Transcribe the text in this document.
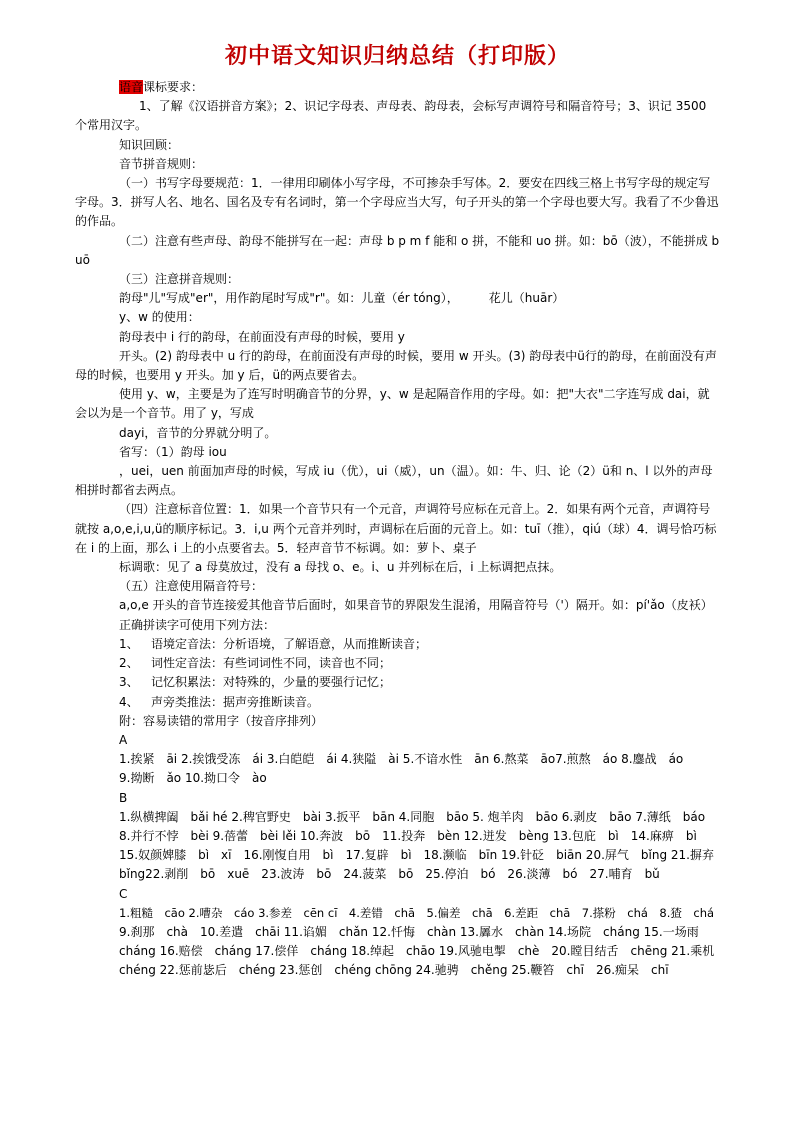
初中语文知识归纳总结（打印版）

语音课标要求：

1、了解《汉语拼音方案》；2、识记字母表、声母表、韵母表，会标写声调符号和隔音符号；3、识记 3500 个常用汉字。

知识回顾：

音节拼音规则：

（一）书写字母要规范：1．一律用印刷体小写字母，不可掺杂手写体。2．要安在四线三格上书写字母的规定写字母。3．拼写人名、地名、国名及专有名词时，第一个字母应当大写，句子开头的第一个字母也要大写。我看了不少鲁迅的作品。

（二）注意有些声母、韵母不能拼写在一起：声母 b p m f 能和 o 拼，不能和 uo 拼。如：bō（波），不能拼成 buō

（三）注意拼音规则：

韵母"儿"写成"er"，用作韵尾时写成"r"。如：儿童（ér tóng），　　　花儿（huār）

y、w 的使用：

韵母表中 i 行的韵母，在前面没有声母的时候，要用 y

开头。(2) 韵母表中 u 行的韵母，在前面没有声母的时候，要用 w 开头。(3) 韵母表中ü行的韵母，在前面没有声母的时候，也要用 y 开头。加 y 后，ü的两点要省去。

使用 y、w，主要是为了连写时明确音节的分界，y、w 是起隔音作用的字母。如：把"大衣"二字连写成 dai，就会以为是一个音节。用了 y，写成

dayi，音节的分界就分明了。

省写：（1）韵母 iou

，uei，uen 前面加声母的时候，写成 iu（优），ui（威），un（温）。如：牛、归、论（2）ü和 n、l 以外的声母相拼时都省去两点。

（四）注意标音位置：1．如果一个音节只有一个元音，声调符号应标在元音上。2．如果有两个元音，声调符号就按 a,o,e,i,u,ü的顺序标记。3．i,u 两个元音并列时，声调标在后面的元音上。如：tuī（推），qiú（球）4．调号恰巧标在 i 的上面，那么 i 上的小点要省去。5．轻声音节不标调。如：萝卜、桌子

标调歌：见了 a 母莫放过，没有 a 母找 o、e。i、u 并列标在后，i 上标调把点抹。

（五）注意使用隔音符号：

a,o,e 开头的音节连接爱其他音节后面时，如果音节的界限发生混淆，用隔音符号（'）隔开。如：pí'ǎo（皮袄）

正确拼读字可使用下列方法：

1、 语境定音法：分析语境，了解语意，从而推断读音；

2、 词性定音法：有些词词性不同，读音也不同；

3、 记忆积累法：对特殊的，少量的要强行记忆；

4、 声旁类推法：据声旁推断读音。

附：容易读错的常用字（按音序排列）

A

1.挨紧　āi 2.挨饿受冻　ái 3.白皑皑　ái 4.狭隘　ài 5.不谙水性　ān 6.熬菜　āo7.煎熬　áo 8.鏖战　áo

9.拗断　ǎo 10.拗口令　ào

B

1.纵横捭阖　bǎi hé 2.稗官野史　bài 3.扳平　bān 4.同胞　bāo 5. 炮羊肉　bāo 6.剥皮　bāo 7.薄纸　báo

8.并行不悖　bèi 9.蓓蕾　bèi lěi 10.奔波　bō　11.投奔　bèn 12.迸发　bèng 13.包庇　bì　14.麻痹　bì

15.奴颜婢膝　bì　xī　16.刚愎自用　bì　17.复辟　bì　18.濒临　bīn 19.针砭　biān 20.屏气　bǐng 21.摒弃

bǐng22.剥削　bō　xuē　23.波涛　bō　24.菠菜　bō　25.停泊　bó　26.淡薄　bó　27.哺育　bǔ

C

1.粗糙　cāo 2.嘈杂　cáo 3.参差　cēn cī　4.差错　chā　5.偏差　chā　6.差距　chā　7.搽粉　chá　8.猹　chá

9.刹那　chà　10.差遣　chāi 11.谄媚　chǎn 12.忏悔　chàn 13.羼水　chàn 14.场院　cháng 15.一场雨

cháng 16.赔偿　cháng 17.偿佯　cháng 18.绰起　chāo 19.风驰电掣　chè　20.瞠目结舌　chēng 21.乘机

chéng 22.惩前毖后　chéng 23.惩创　chéng chōng 24.驰骋　chěng 25.鞭笞　chī　26.痴呆　chī
